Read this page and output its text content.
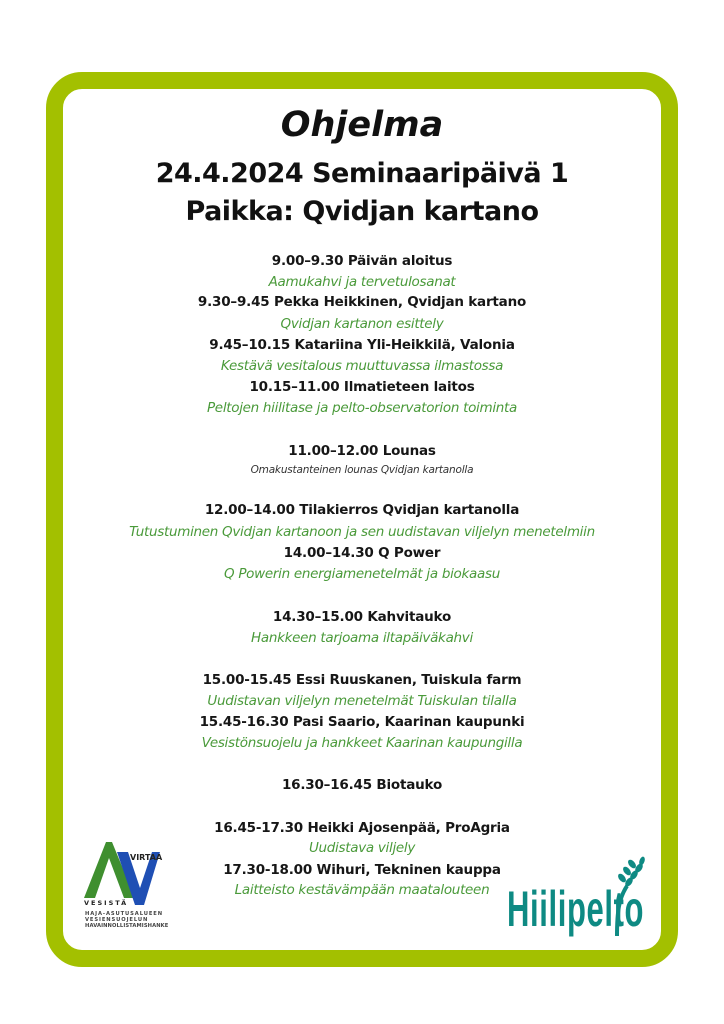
Ohjelma
24.4.2024 Seminaaripäivä 1
Paikka: Qvidjan kartano
9.00–9.30 Päivän aloitus
Aamukahvi ja tervetulosanat
9.30–9.45 Pekka Heikkinen, Qvidjan kartano
Qvidjan kartanon esittely
9.45–10.15 Katariina Yli-Heikkilä, Valonia
Kestävä vesitalous muuttuvassa ilmastossa
10.15–11.00 Ilmatieteen laitos
Peltojen hiilitase ja pelto-observatorion toiminta
11.00–12.00 Lounas
Omakustanteinen lounas Qvidjan kartanolla
12.00–14.00 Tilakierros Qvidjan kartanolla
Tutustuminen Qvidjan kartanoon ja sen uudistavan viljelyn menetelmiin
14.00–14.30 Q Power
Q Powerin energiamenetelmät ja biokaasu
14.30–15.00 Kahvitauko
Hankkeen tarjoama iltapäiväkahvi
15.00-15.45 Essi Ruuskanen, Tuiskula farm
Uudistavan viljelyn menetelmät Tuiskulan tilalla
15.45-16.30 Pasi Saario, Kaarinan kaupunki
Vesistönsuojelu ja hankkeet Kaarinan kaupungilla
16.30–16.45 Biotauko
16.45-17.30 Heikki Ajosenpää, ProAgria
Uudistava viljely
17.30-18.00 Wihuri, Tekninen kauppa
Laitteisto kestävämpään maatalouteen
VIRTAA
VESISTÄ
HAJA-ASUTUSALUEEN
VESIENSUOJELUN
HAVAINNOLLISTAMISHANKE	Hiilipelto
